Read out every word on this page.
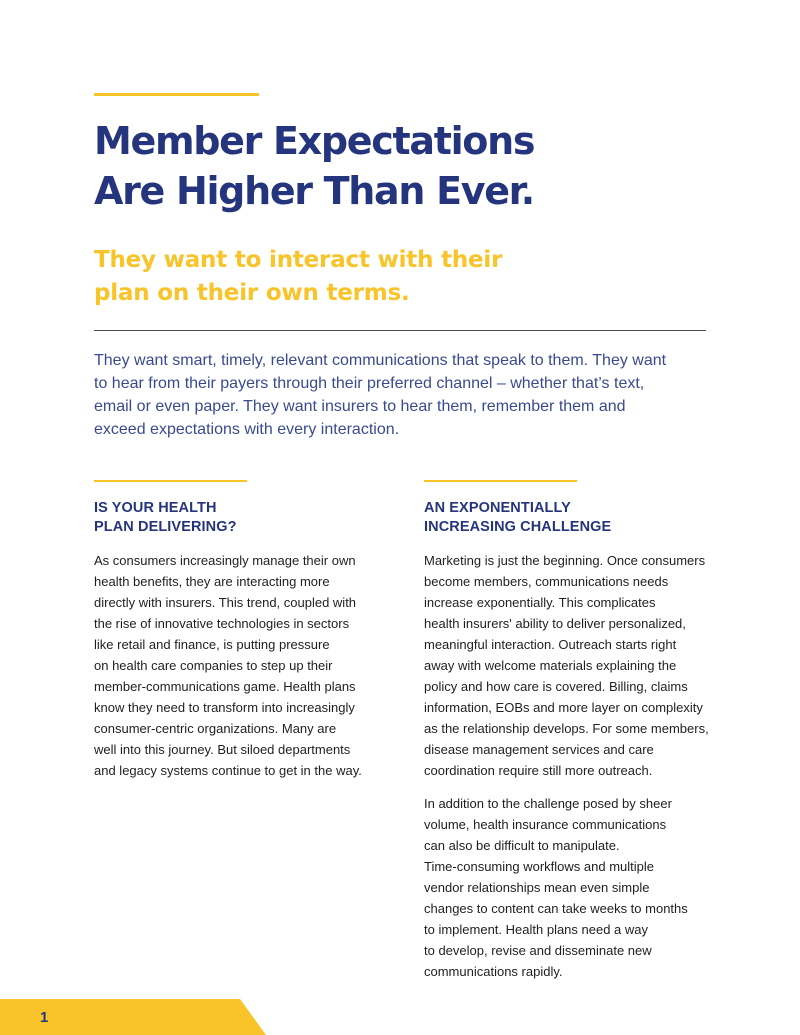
Member Expectations
Are Higher Than Ever.
They want to interact with their
plan on their own terms.

They want smart, timely, relevant communications that speak to them. They want
to hear from their payers through their preferred channel – whether that’s text,
email or even paper. They want insurers to hear them, remember them and
exceed expectations with every interaction.

IS YOUR HEALTH
PLAN DELIVERING?

As consumers increasingly manage their own
health benefits, they are interacting more
directly with insurers. This trend, coupled with
the rise of innovative technologies in sectors
like retail and finance, is putting pressure
on health care companies to step up their
member-communications game. Health plans
know they need to transform into increasingly
consumer-centric organizations. Many are
well into this journey. But siloed departments
and legacy systems continue to get in the way.

AN EXPONENTIALLY
INCREASING CHALLENGE

Marketing is just the beginning. Once consumers
become members, communications needs
increase exponentially. This complicates
health insurers' ability to deliver personalized,
meaningful interaction. Outreach starts right
away with welcome materials explaining the
policy and how care is covered. Billing, claims
information, EOBs and more layer on complexity
as the relationship develops. For some members,
disease management services and care
coordination require still more outreach.

In addition to the challenge posed by sheer
volume, health insurance communications
can also be difficult to manipulate.
Time-consuming workflows and multiple
vendor relationships mean even simple
changes to content can take weeks to months
to implement. Health plans need a way
to develop, revise and disseminate new
communications rapidly.

1
